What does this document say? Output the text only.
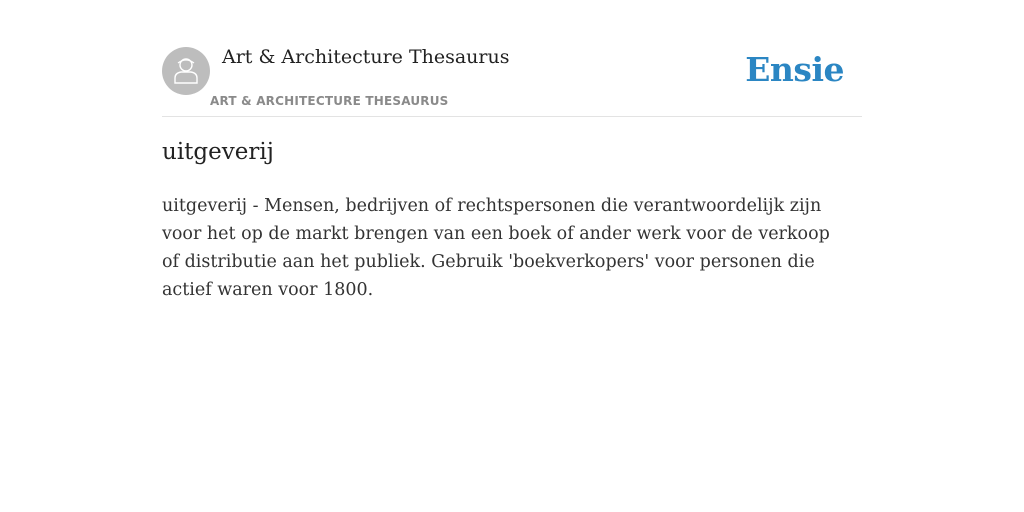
Art & Architecture Thesaurus
ART & ARCHITECTURE THESAURUS
Ensie
uitgeverij

uitgeverij - Mensen, bedrijven of rechtspersonen die verantwoordelijk zijn voor het op de markt brengen van een boek of ander werk voor de verkoop of distributie aan het publiek. Gebruik 'boekverkopers' voor personen die actief waren voor 1800.
